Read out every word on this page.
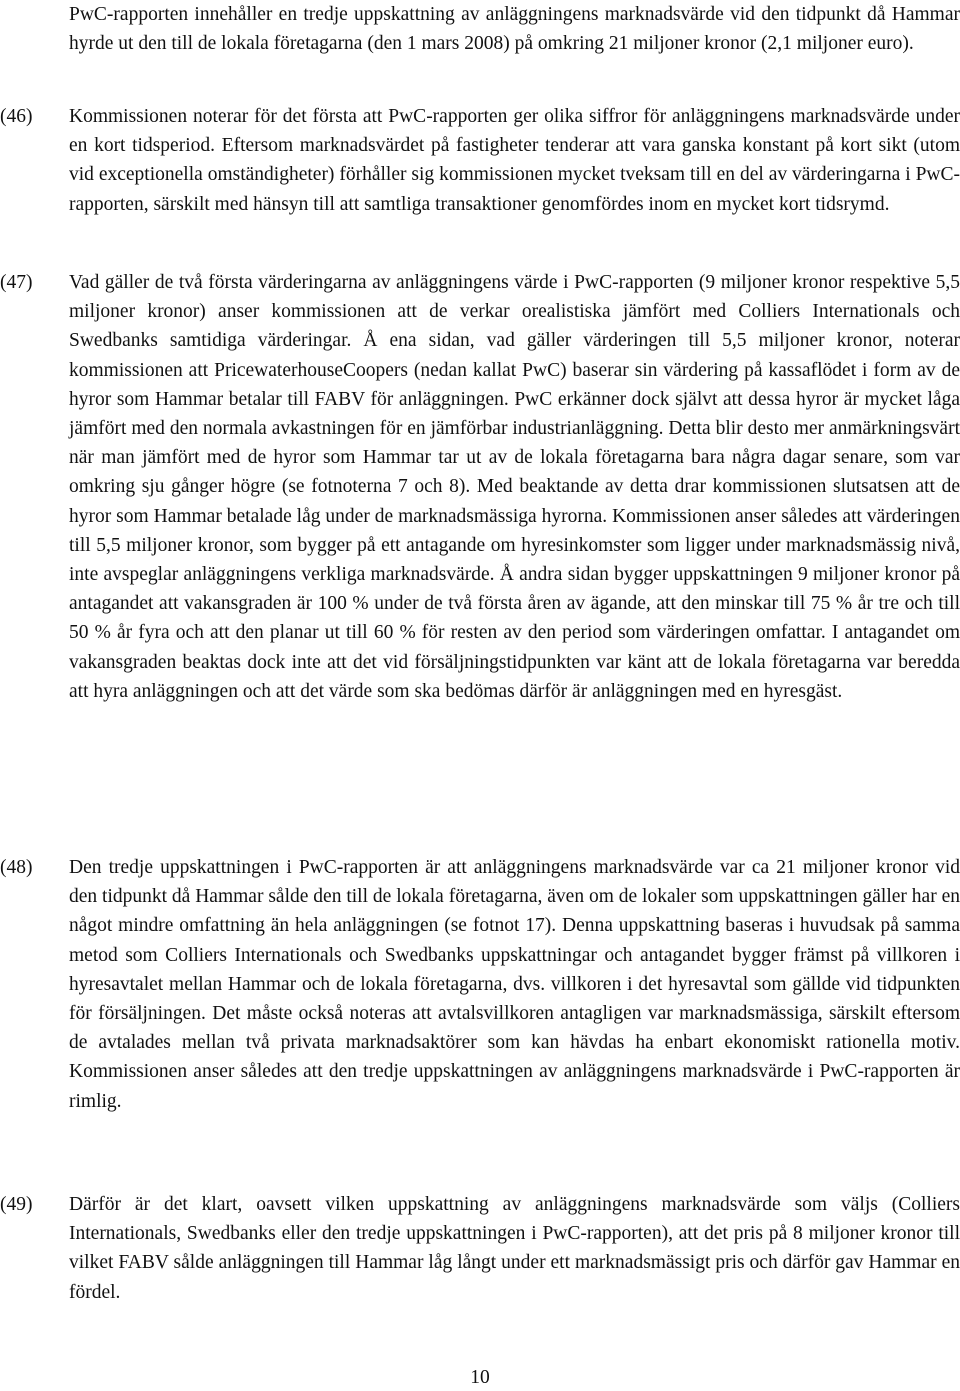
PwC-rapporten innehåller en tredje uppskattning av anläggningens marknadsvärde vid den tidpunkt då Hammar hyrde ut den till de lokala företagarna (den 1 mars 2008) på omkring 21 miljoner kronor (2,1 miljoner euro).
(46) Kommissionen noterar för det första att PwC-rapporten ger olika siffror för anläggningens marknadsvärde under en kort tidsperiod. Eftersom marknadsvärdet på fastigheter tenderar att vara ganska konstant på kort sikt (utom vid exceptionella omständigheter) förhåller sig kommissionen mycket tveksam till en del av värderingarna i PwC-rapporten, särskilt med hänsyn till att samtliga transaktioner genomfördes inom en mycket kort tidsrymd.
(47) Vad gäller de två första värderingarna av anläggningens värde i PwC-rapporten (9 miljoner kronor respektive 5,5 miljoner kronor) anser kommissionen att de verkar orealistiska jämfört med Colliers Internationals och Swedbanks samtidiga värderingar. Å ena sidan, vad gäller värderingen till 5,5 miljoner kronor, noterar kommissionen att PricewaterhouseCoopers (nedan kallat PwC) baserar sin värdering på kassaflödet i form av de hyror som Hammar betalar till FABV för anläggningen. PwC erkänner dock självt att dessa hyror är mycket låga jämfört med den normala avkastningen för en jämförbar industrianläggning. Detta blir desto mer anmärkningsvärt när man jämfört med de hyror som Hammar tar ut av de lokala företagarna bara några dagar senare, som var omkring sju gånger högre (se fotnoterna 7 och 8). Med beaktande av detta drar kommissionen slutsatsen att de hyror som Hammar betalade låg under de marknadsmässiga hyrorna. Kommissionen anser således att värderingen till 5,5 miljoner kronor, som bygger på ett antagande om hyresinkomster som ligger under marknadsmässig nivå, inte avspeglar anläggningens verkliga marknadsvärde. Å andra sidan bygger uppskattningen 9 miljoner kronor på antagandet att vakansgraden är 100 % under de två första åren av ägande, att den minskar till 75 % år tre och till 50 % år fyra och att den planar ut till 60 % för resten av den period som värderingen omfattar. I antagandet om vakansgraden beaktas dock inte att det vid försäljningstidpunkten var känt att de lokala företagarna var beredda att hyra anläggningen och att det värde som ska bedömas därför är anläggningen med en hyresgäst.
(48) Den tredje uppskattningen i PwC-rapporten är att anläggningens marknadsvärde var ca 21 miljoner kronor vid den tidpunkt då Hammar sålde den till de lokala företagarna, även om de lokaler som uppskattningen gäller har en något mindre omfattning än hela anläggningen (se fotnot 17). Denna uppskattning baseras i huvudsak på samma metod som Colliers Internationals och Swedbanks uppskattningar och antagandet bygger främst på villkoren i hyresavtalet mellan Hammar och de lokala företagarna, dvs. villkoren i det hyresavtal som gällde vid tidpunkten för försäljningen. Det måste också noteras att avtalsvillkoren antagligen var marknadsmässiga, särskilt eftersom de avtalades mellan två privata marknadsaktörer som kan hävdas ha enbart ekonomiskt rationella motiv. Kommissionen anser således att den tredje uppskattningen av anläggningens marknadsvärde i PwC-rapporten är rimlig.
(49) Därför är det klart, oavsett vilken uppskattning av anläggningens marknadsvärde som väljs (Colliers Internationals, Swedbanks eller den tredje uppskattningen i PwC-rapporten), att det pris på 8 miljoner kronor till vilket FABV sålde anläggningen till Hammar låg långt under ett marknadsmässigt pris och därför gav Hammar en fördel.
10
